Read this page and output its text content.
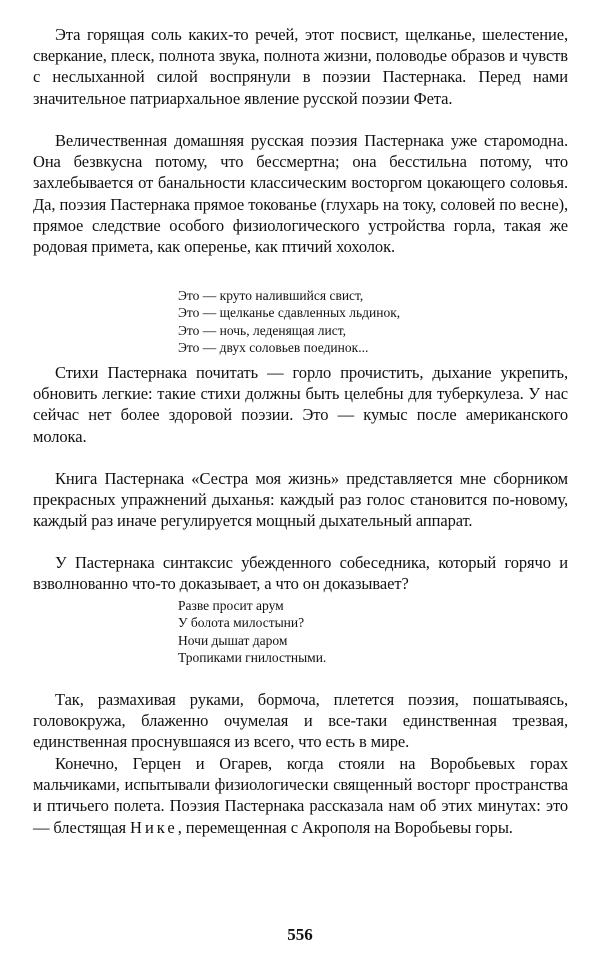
Эта горящая соль каких-то речей, этот посвист, щелканье, шелестение, сверкание, плеск, полнота звука, полнота жизни, половодье образов и чувств с неслыханной силой воспрянули в поэзии Пастернака. Перед нами значительное патриархальное явление русской поэзии Фета.

Величественная домашняя русская поэзия Пастернака уже старомодна. Она безвкусна потому, что бессмертна; она бесстильна потому, что захлебывается от банальности классическим восторгом цокающего соловья. Да, поэзия Пастернака прямое токованье (глухарь на току, соловей по весне), прямое следствие особого физиологического устройства горла, такая же родовая примета, как оперенье, как птичий хохолок.

Это — круто налившийся свист,
Это — щелканье сдавленных льдинок,
Это — ночь, леденящая лист,
Это — двух соловьев поединок...

Стихи Пастернака почитать — горло прочистить, дыхание укрепить, обновить легкие: такие стихи должны быть целебны для туберкулеза. У нас сейчас нет более здоровой поэзии. Это — кумыс после американского молока.

Книга Пастернака «Сестра моя жизнь» представляется мне сборником прекрасных упражнений дыханья: каждый раз голос становится по-новому, каждый раз иначе регулируется мощный дыхательный аппарат.

У Пастернака синтаксис убежденного собеседника, который горячо и взволнованно что-то доказывает, а что он доказывает?

Разве просит арум
У болота милостыни?
Ночи дышат даром
Тропиками гнилостными.

Так, размахивая руками, бормоча, плетется поэзия, пошатываясь, головокружа, блаженно очумелая и все-таки единственная трезвая, единственная проснувшаяся из всего, что есть в мире.

Конечно, Герцен и Огарев, когда стояли на Воробьевых горах мальчиками, испытывали физиологически священный восторг пространства и птичьего полета. Поэзия Пастернака рассказала нам об этих минутах: это — блестящая Нике, перемещенная с Акрополя на Воробьевы горы.

556
